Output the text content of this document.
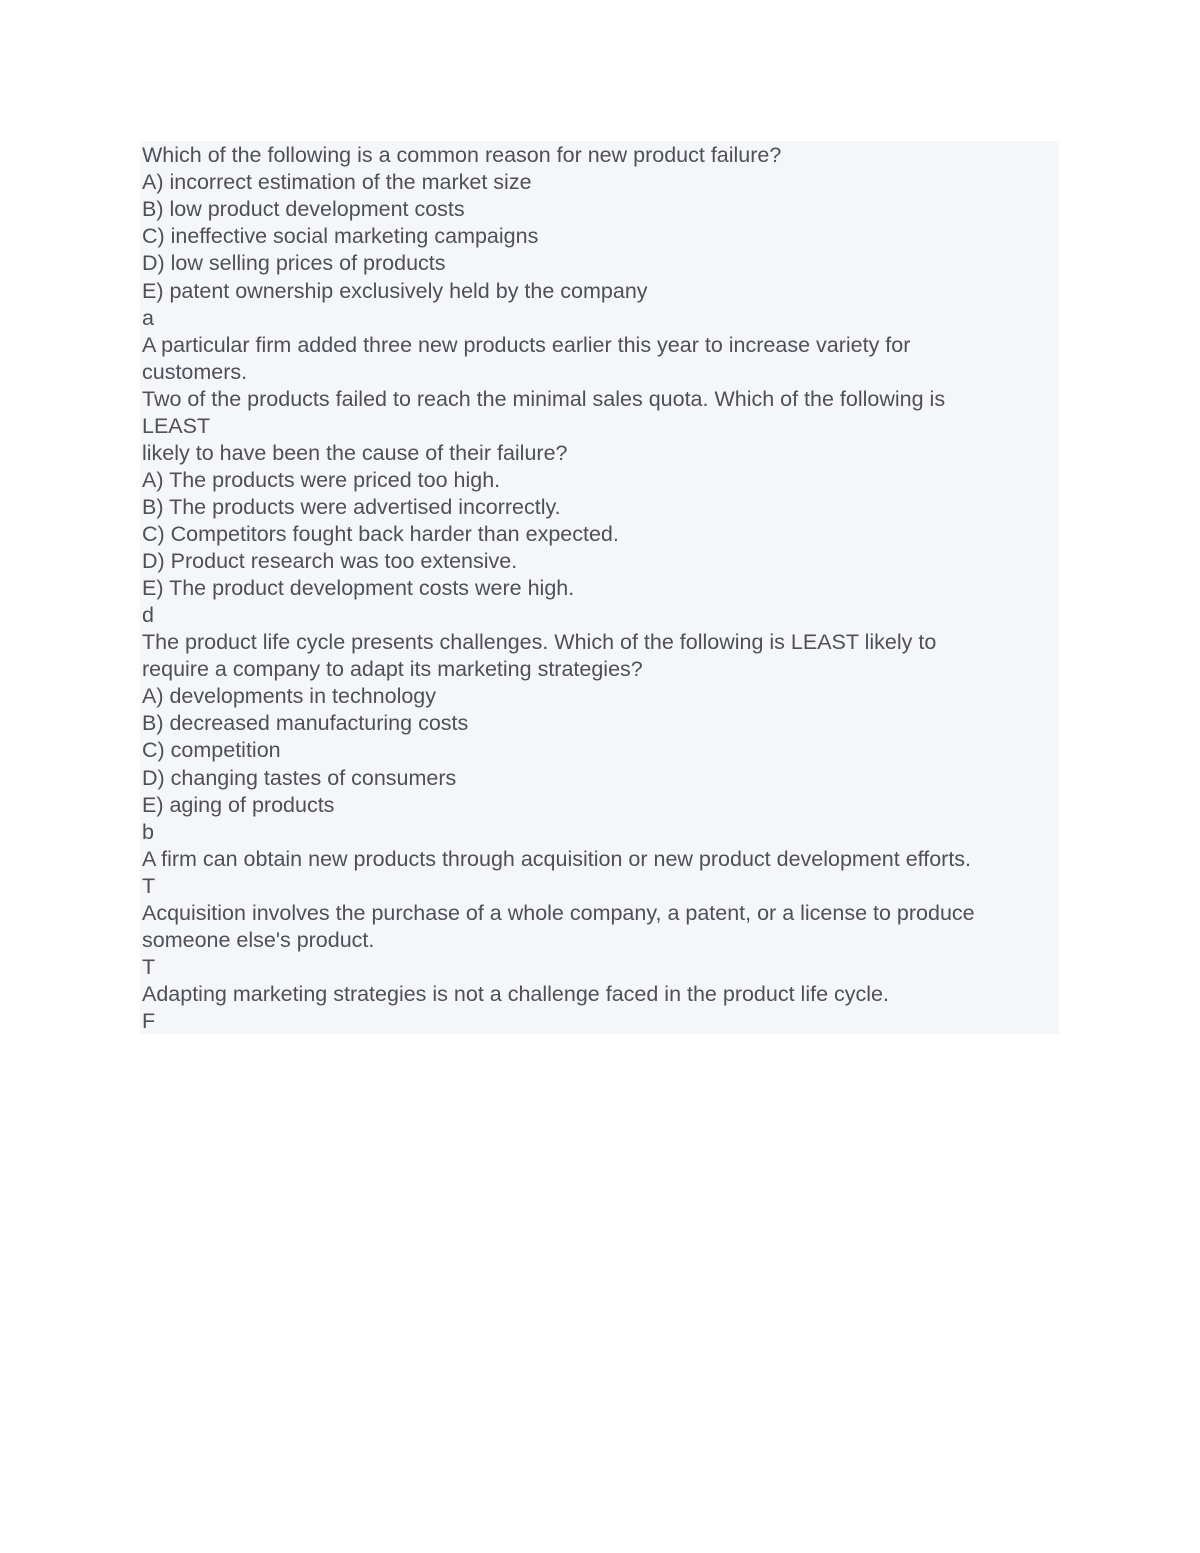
Which of the following is a common reason for new product failure?
A) incorrect estimation of the market size
B) low product development costs
C) ineffective social marketing campaigns
D) low selling prices of products
E) patent ownership exclusively held by the company
a
A particular firm added three new products earlier this year to increase variety for
customers.
Two of the products failed to reach the minimal sales quota. Which of the following is
LEAST
likely to have been the cause of their failure?
A) The products were priced too high.
B) The products were advertised incorrectly.
C) Competitors fought back harder than expected.
D) Product research was too extensive.
E) The product development costs were high.
d
The product life cycle presents challenges. Which of the following is LEAST likely to
require a company to adapt its marketing strategies?
A) developments in technology
B) decreased manufacturing costs
C) competition
D) changing tastes of consumers
E) aging of products
b
A firm can obtain new products through acquisition or new product development efforts.
T
Acquisition involves the purchase of a whole company, a patent, or a license to produce
someone else's product.
T
Adapting marketing strategies is not a challenge faced in the product life cycle.
F
